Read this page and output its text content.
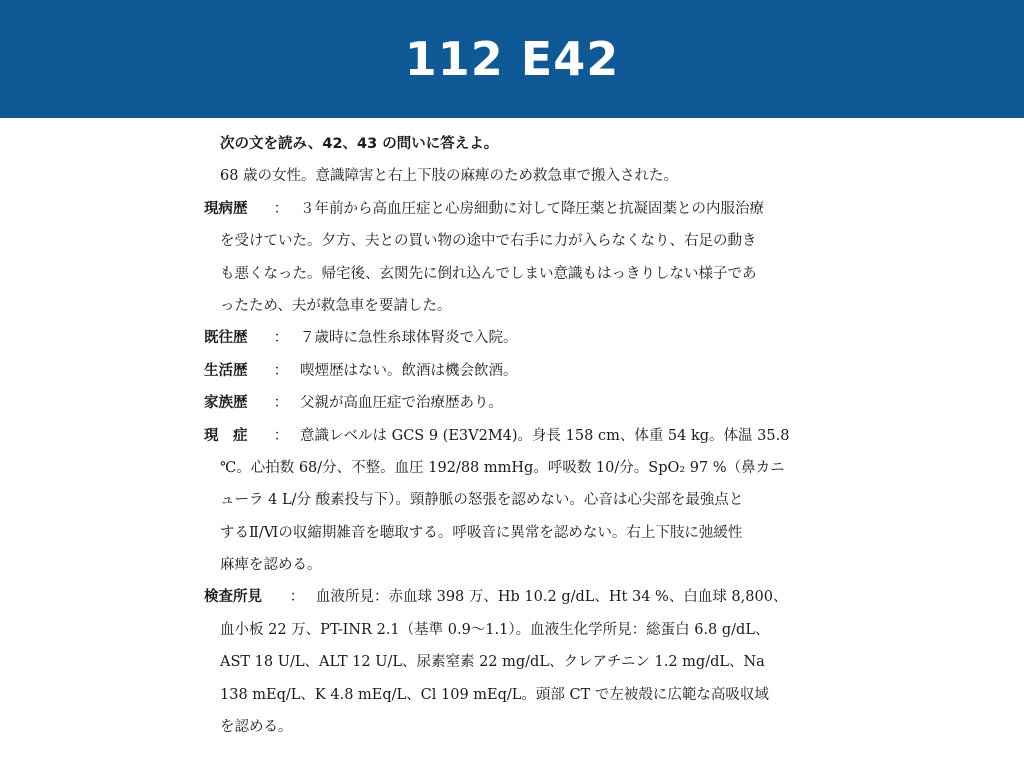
112 E42
次の文を読み、42、43 の問いに答えよ。
68 歳の女性。意識障害と右上下肢の麻痺のため救急車で搬入された。
現病歴	： ３年前から高血圧症と心房細動に対して降圧薬と抗凝固薬との内服治療
を受けていた。夕方、夫との買い物の途中で右手に力が入らなくなり、右足の動き
も悪くなった。帰宅後、玄関先に倒れ込んでしまい意識もはっきりしない様子であ
ったため、夫が救急車を要請した。
既往歴	： ７歳時に急性糸球体腎炎で入院。
生活歴	： 喫煙歴はない。飲酒は機会飲酒。
家族歴	： 父親が高血圧症で治療歴あり。
現　症	： 意識レベルは GCS 9 (E3V2M4)。身長 158 cm、体重 54 kg。体温 35.8
℃。心拍数 68/分、不整。血圧 192/88 mmHg。呼吸数 10/分。SpO₂ 97 %（鼻カニ
ューラ 4 L/分 酸素投与下）。頸静脈の怒張を認めない。心音は心尖部を最強点と
するⅡ/Ⅵの収縮期雑音を聴取する。呼吸音に異常を認めない。右上下肢に弛緩性
麻痺を認める。
検査所見	： 血液所見：赤血球 398 万、Hb 10.2 g/dL、Ht 34 %、白血球 8,800、
血小板 22 万、PT-INR 2.1（基準 0.9〜1.1）。血液生化学所見：総蛋白 6.8 g/dL、
AST 18 U/L、ALT 12 U/L、尿素窒素 22 mg/dL、クレアチニン 1.2 mg/dL、Na
138 mEq/L、K 4.8 mEq/L、Cl 109 mEq/L。頭部 CT で左被殻に広範な高吸収域
を認める。
